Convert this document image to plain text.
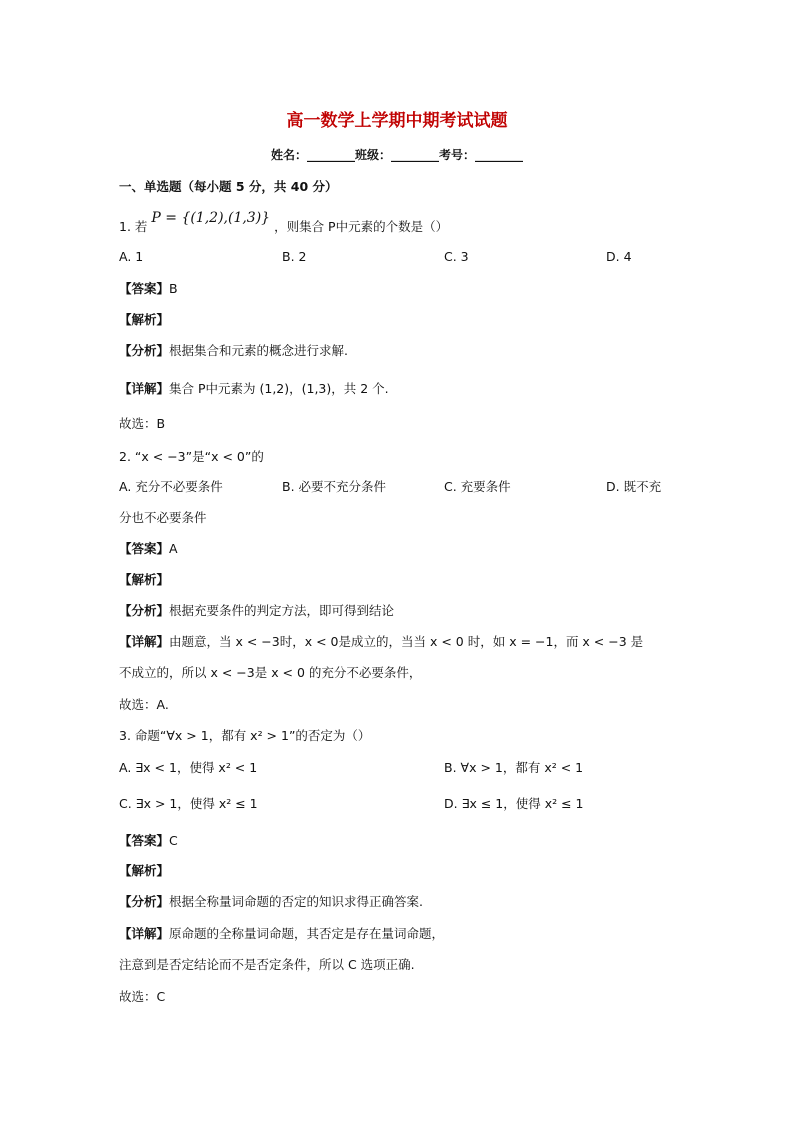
高一数学上学期中期考试试题
姓名：________班级：________考号：________
一、单选题（每小题 5 分，共 40 分）
1. 若 P = {(1,2),(1,3)} ，则集合 P中元素的个数是（）
A. 1	B. 2	C. 3	D. 4
【答案】B
【解析】
【分析】根据集合和元素的概念进行求解.
【详解】集合 P中元素为 (1,2)，(1,3)，共 2 个.
故选：B
2. “x < −3”是“x < 0”的
A. 充分不必要条件	B. 必要不充分条件	C. 充要条件	D. 既不充
分也不必要条件
【答案】A
【解析】
【分析】根据充要条件的判定方法，即可得到结论
【详解】由题意，当 x < −3时，x < 0是成立的，当当 x < 0 时，如 x = −1，而 x < −3 是
不成立的，所以 x < −3是 x < 0 的充分不必要条件，
故选：A.
3. 命题“∀x > 1，都有 x² > 1”的否定为（）
A. ∃x < 1，使得 x² < 1	B. ∀x > 1，都有 x² < 1
C. ∃x > 1，使得 x² ≤ 1	D. ∃x ≤ 1，使得 x² ≤ 1
【答案】C
【解析】
【分析】根据全称量词命题的否定的知识求得正确答案.
【详解】原命题的全称量词命题，其否定是存在量词命题，
注意到是否定结论而不是否定条件，所以 C 选项正确.
故选：C
